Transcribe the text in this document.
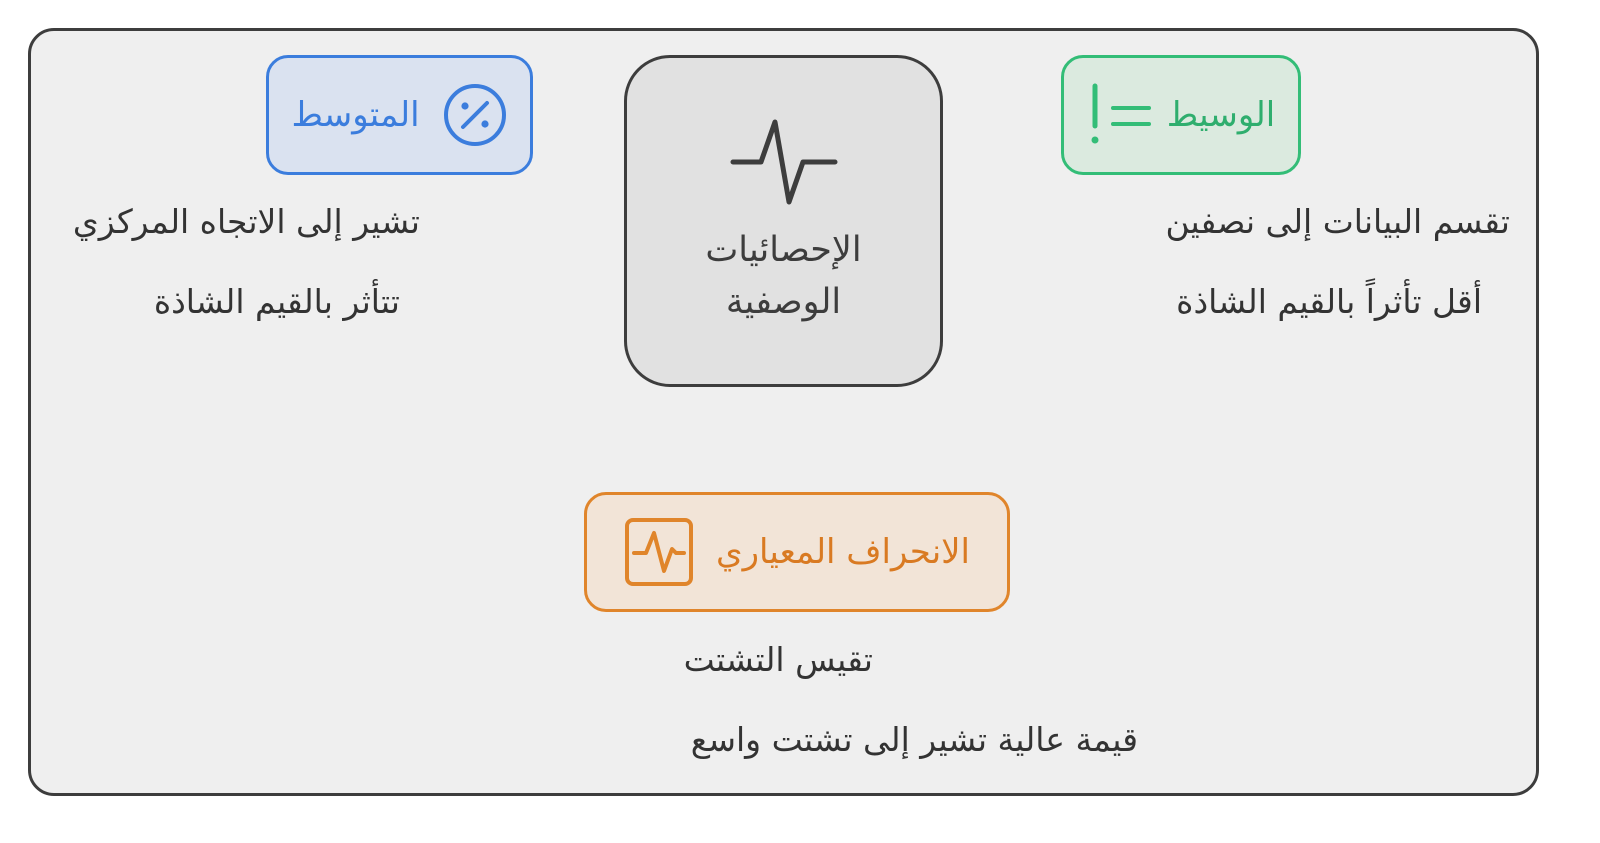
المتوسط
الإحصائيات
الوصفية
الوسيط
الانحراف المعياري
تشير إلى الاتجاه المركزي
تتأثر بالقيم الشاذة
تقسم البيانات إلى نصفين
أقل تأثراً بالقيم الشاذة
تقيس التشتت
قيمة عالية تشير إلى تشتت واسع
